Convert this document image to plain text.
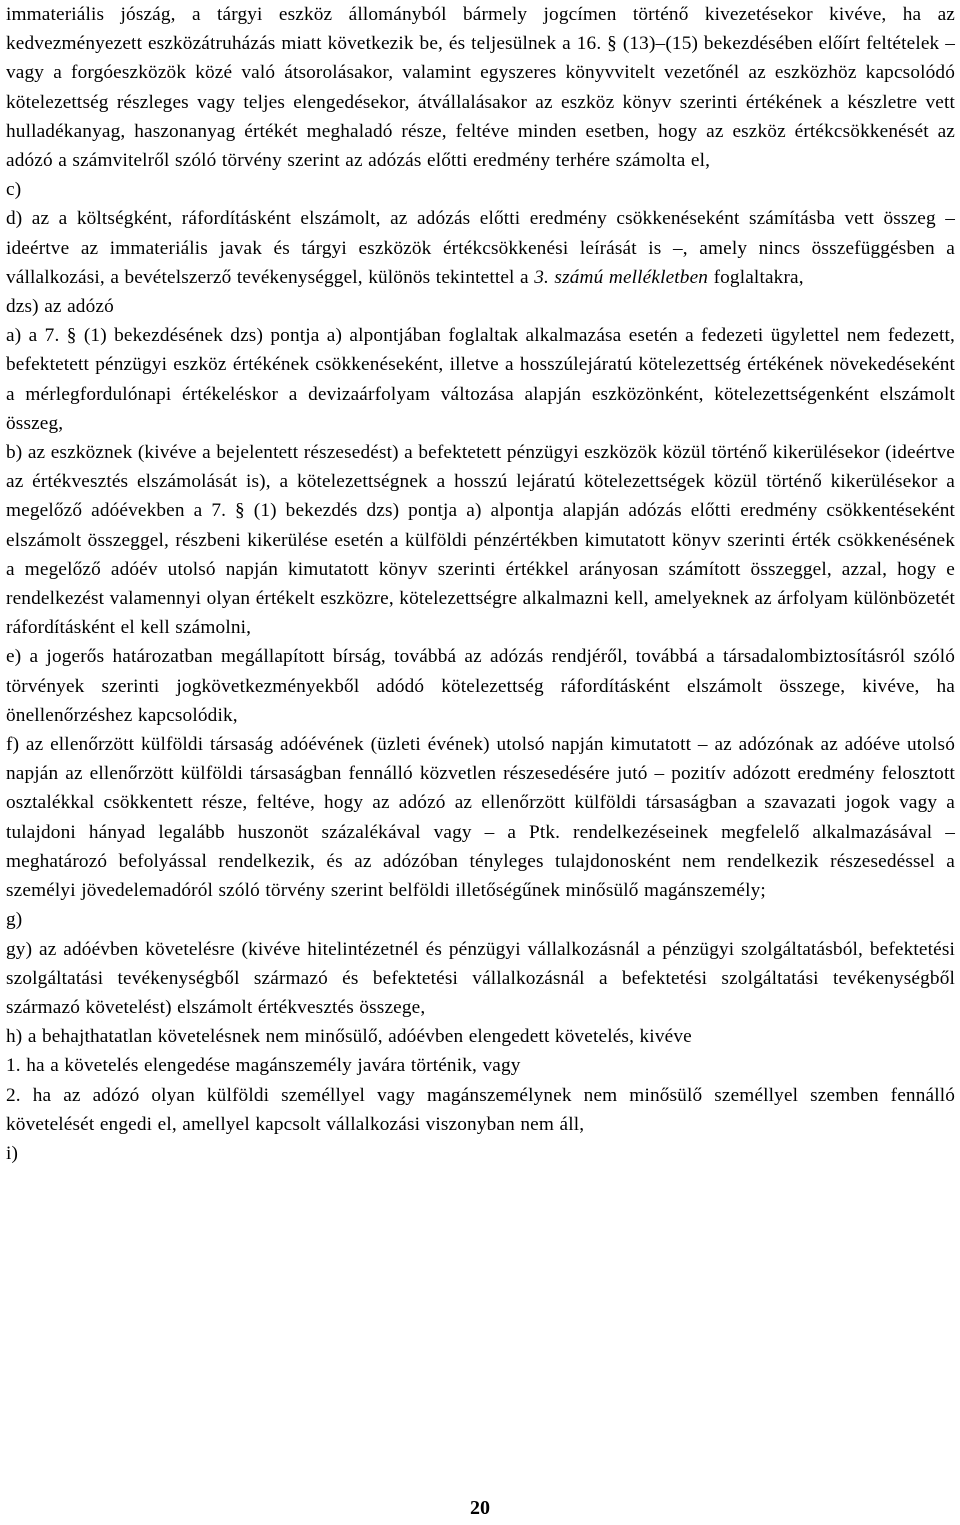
immateriális jószág, a tárgyi eszköz állományból bármely jogcímen történő kivezetésekor kivéve, ha az kedvezményezett eszközátruházás miatt következik be, és teljesülnek a 16. § (13)–(15) bekezdésében előírt feltételek – vagy a forgóeszközök közé való átsorolásakor, valamint egyszeres könyvvitelt vezetőnél az eszközhöz kapcsolódó kötelezettség részleges vagy teljes elengedésekor, átvállalásakor az eszköz könyv szerinti értékének a készletre vett hulladékanyag, haszonanyag értékét meghaladó része, feltéve minden esetben, hogy az eszköz értékcsökkenését az adózó a számvitelről szóló törvény szerint az adózás előtti eredmény terhére számolta el,

c)

d) az a költségként, ráfordításként elszámolt, az adózás előtti eredmény csökkenéseként számításba vett összeg – ideértve az immateriális javak és tárgyi eszközök értékcsökkenési leírását is –, amely nincs összefüggésben a vállalkozási, a bevételszerző tevékenységgel, különös tekintettel a 3. számú mellékletben foglaltakra,

dzs) az adózó

a) a 7. § (1) bekezdésének dzs) pontja a) alpontjában foglaltak alkalmazása esetén a fedezeti ügylettel nem fedezett, befektetett pénzügyi eszköz értékének csökkenéseként, illetve a hosszúlejáratú kötelezettség értékének növekedéseként a mérlegfordulónapi értékeléskor a devizaárfolyam változása alapján eszközönként, kötelezettségenként elszámolt összeg,

b) az eszköznek (kivéve a bejelentett részesedést) a befektetett pénzügyi eszközök közül történő kikerülésekor (ideértve az értékvesztés elszámolását is), a kötelezettségnek a hosszú lejáratú kötelezettségek közül történő kikerülésekor a megelőző adóévekben a 7. § (1) bekezdés dzs) pontja a) alpontja alapján adózás előtti eredmény csökkentéseként elszámolt összeggel, részbeni kikerülése esetén a külföldi pénzértékben kimutatott könyv szerinti érték csökkenésének a megelőző adóév utolsó napján kimutatott könyv szerinti értékkel arányosan számított összeggel, azzal, hogy e rendelkezést valamennyi olyan értékelt eszközre, kötelezettségre alkalmazni kell, amelyeknek az árfolyam különbözetét ráfordításként el kell számolni,

e) a jogerős határozatban megállapított bírság, továbbá az adózás rendjéről, továbbá a társadalombiztosításról szóló törvények szerinti jogkövetkezményekből adódó kötelezettség ráfordításként elszámolt összege, kivéve, ha önellenőrzéshez kapcsolódik,

f) az ellenőrzött külföldi társaság adóévének (üzleti évének) utolsó napján kimutatott – az adózónak az adóéve utolsó napján az ellenőrzött külföldi társaságban fennálló közvetlen részesedésére jutó – pozitív adózott eredmény felosztott osztalékkal csökkentett része, feltéve, hogy az adózó az ellenőrzött külföldi társaságban a szavazati jogok vagy a tulajdoni hányad legalább huszonöt százalékával vagy – a Ptk. rendelkezéseinek megfelelő alkalmazásával – meghatározó befolyással rendelkezik, és az adózóban tényleges tulajdonosként nem rendelkezik részesedéssel a személyi jövedelemadóról szóló törvény szerint belföldi illetőségűnek minősülő magánszemély;

g)

gy) az adóévben követelésre (kivéve hitelintézetnél és pénzügyi vállalkozásnál a pénzügyi szolgáltatásból, befektetési szolgáltatási tevékenységből származó és befektetési vállalkozásnál a befektetési szolgáltatási tevékenységből származó követelést) elszámolt értékvesztés összege,

h) a behajthatatlan követelésnek nem minősülő, adóévben elengedett követelés, kivéve

1. ha a követelés elengedése magánszemély javára történik, vagy

2. ha az adózó olyan külföldi személlyel vagy magánszemélynek nem minősülő személlyel szemben fennálló követelését engedi el, amellyel kapcsolt vállalkozási viszonyban nem áll,

i)

20
